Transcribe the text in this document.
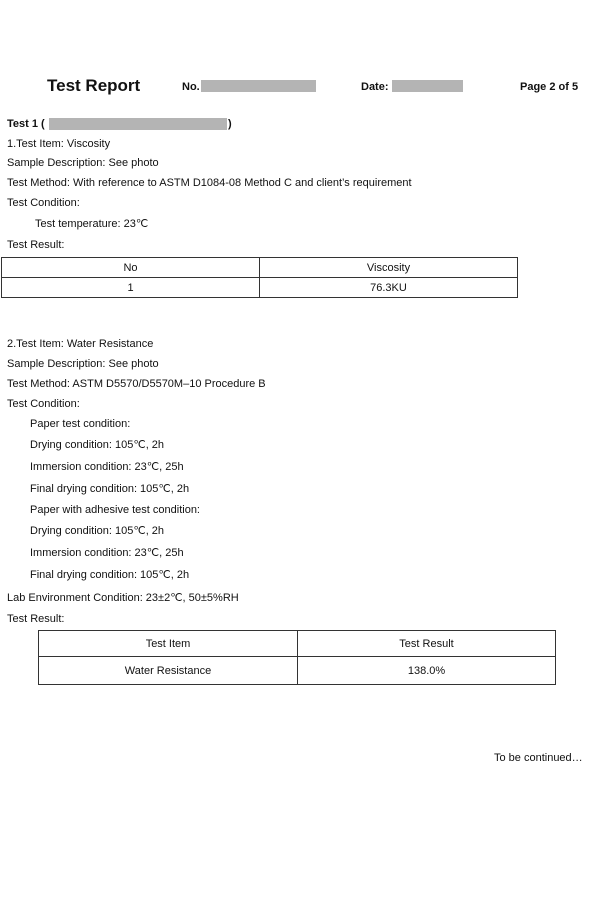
Test Report	No.	Date:	Page 2 of 5
Test 1 (	)
1.Test Item: Viscosity
Sample Description: See photo
Test Method: With reference to ASTM D1084-08 Method C and client’s requirement
Test Condition:
Test temperature: 23℃
Test Result:
No	Viscosity
1	76.3KU
2.Test Item: Water Resistance
Sample Description: See photo
Test Method: ASTM D5570/D5570M–10 Procedure B
Test Condition:
Paper test condition:
Drying condition: 105℃, 2h
Immersion condition: 23℃, 25h
Final drying condition: 105℃, 2h
Paper with adhesive test condition:
Drying condition: 105℃, 2h
Immersion condition: 23℃, 25h
Final drying condition: 105℃, 2h
Lab Environment Condition: 23±2℃, 50±5%RH
Test Result:
Test Item	Test Result
Water Resistance	138.0%
To be continued…
